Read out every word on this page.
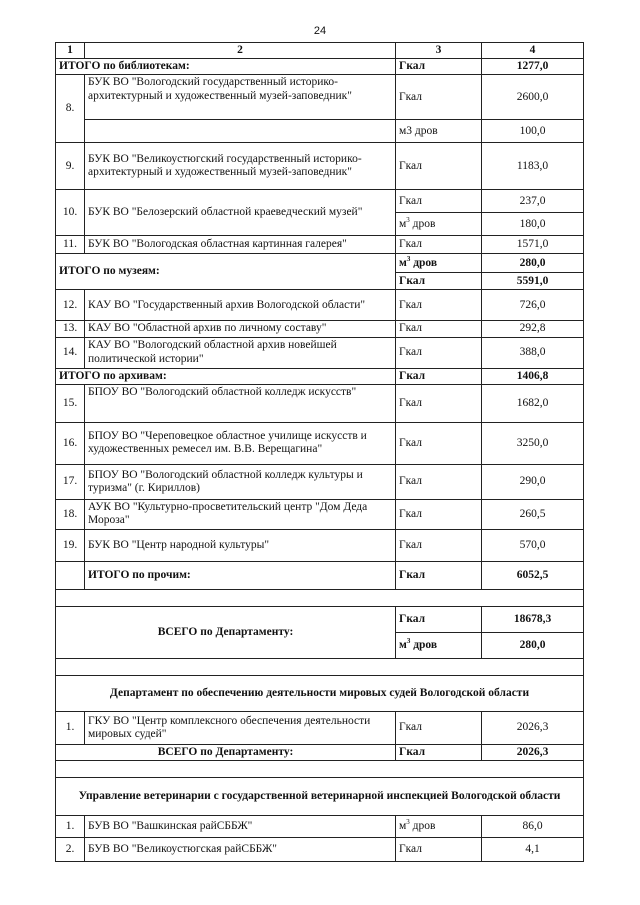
24
1	2	3	4
ИТОГО по библиотекам:		Гкал	1277,0
8.	БУК ВО "Вологодский государственный историко-архитектурный и художественный музей-заповедник"	Гкал	2600,0
		м3 дров	100,0
9.	БУК ВО "Великоустюгский государственный историко-архитектурный и художественный музей-заповедник"	Гкал	1183,0
10.	БУК ВО "Белозерский областной краеведческий музей"	Гкал	237,0
		$м^3$ дров	180,0
11.	БУК ВО "Вологодская областная картинная галерея"	Гкал	1571,0
ИТОГО по музеям:		$м^3$ дров	280,0
		Гкал	5591,0
12.	КАУ ВО "Государственный архив Вологодской области"	Гкал	726,0
13.	КАУ ВО "Областной архив по личному составу"	Гкал	292,8
14.	КАУ ВО "Вологодский областной архив новейшей политической истории"	Гкал	388,0
ИТОГО по архивам:		Гкал	1406,8
15.	БПОУ ВО "Вологодский областной колледж искусств"	Гкал	1682,0
16.	БПОУ ВО "Череповецкое областное училище искусств и художественных ремесел им. В.В. Верещагина"	Гкал	3250,0
17.	БПОУ ВО "Вологодский областной колледж культуры и туризма" (г. Кириллов)	Гкал	290,0
18.	АУК ВО "Культурно-просветительский центр "Дом Деда Мороза"	Гкал	260,5
19.	БУК ВО "Центр народной культуры"	Гкал	570,0
	ИТОГО по прочим:	Гкал	6052,5

ВСЕГО по Департаменту:		Гкал	18678,3
		$м^3$ дров	280,0

Департамент по обеспечению деятельности мировых судей Вологодской области			
1.	ГКУ ВО "Центр комплексного обеспечения деятельности мировых судей"	Гкал	2026,3
ВСЕГО по Департаменту:		Гкал	2026,3

Управление ветеринарии с государственной ветеринарной инспекцией Вологодской области			
1.	БУВ ВО "Вашкинская райСББЖ"	$м^3$ дров	86,0
2.	БУВ ВО "Великоустюгская райСББЖ"	Гкал	4,1
